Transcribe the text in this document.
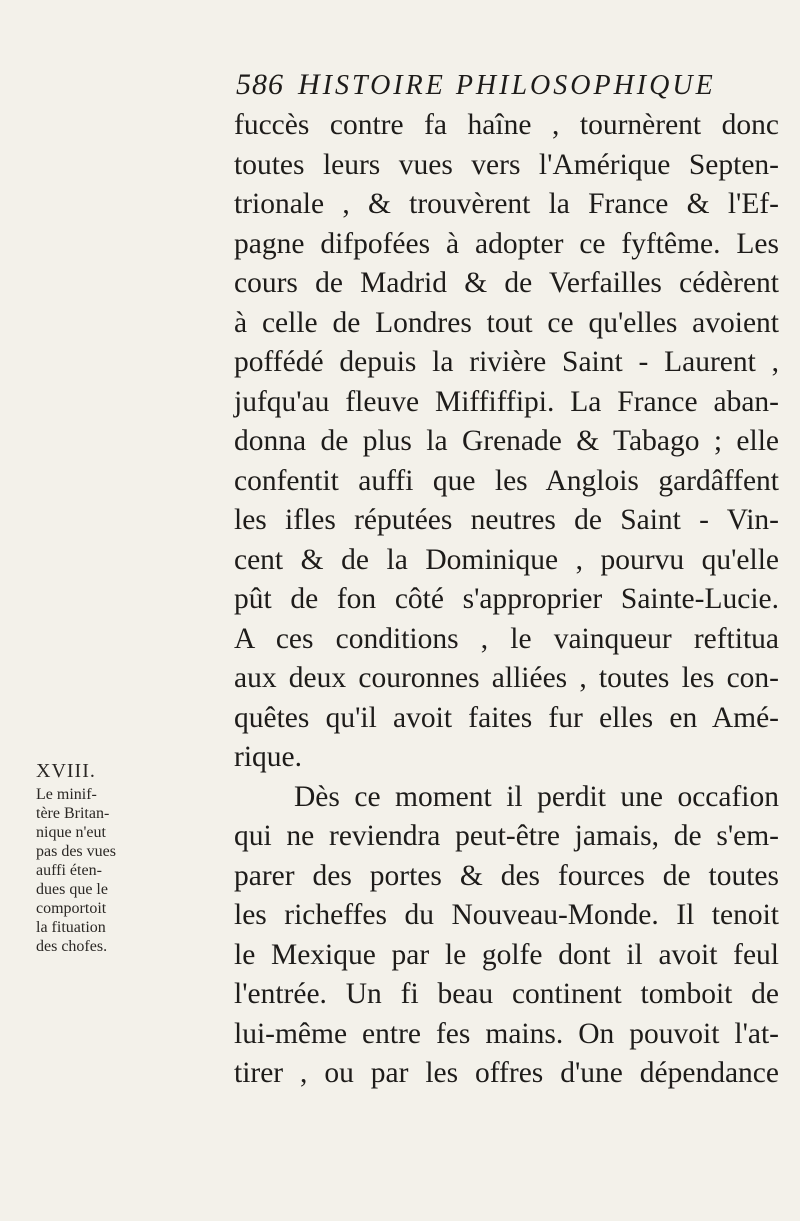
586 HISTOIRE PHILOSOPHIQUE
fuccès contre fa haîne , tournèrent donc
toutes leurs vues vers l'Amérique Septen-
trionale , & trouvèrent la France & l'Ef-
pagne difpofées à adopter ce fyftême. Les
cours de Madrid & de Verfailles cédèrent
à celle de Londres tout ce qu'elles avoient
poffédé depuis la rivière Saint - Laurent ,
jufqu'au fleuve Miffiffipi. La France aban-
donna de plus la Grenade & Tabago ; elle
confentit auffi que les Anglois gardâffent
les ifles réputées neutres de Saint - Vin-
cent & de la Dominique , pourvu qu'elle
pût de fon côté s'approprier Sainte-Lucie.
A ces conditions , le vainqueur reftitua
aux deux couronnes alliées , toutes les con-
quêtes qu'il avoit faites fur elles en Amé-
rique.
Dès ce moment il perdit une occafion
qui ne reviendra peut-être jamais, de s'em-
parer des portes & des fources de toutes
les richeffes du Nouveau-Monde. Il tenoit
le Mexique par le golfe dont il avoit feul
l'entrée. Un fi beau continent tomboit de
lui-même entre fes mains. On pouvoit l'at-
tirer , ou par les offres d'une dépendance
XVIII.
Le minif-
tère Britan-
nique n'eut
pas des vues
auffi éten-
dues que le
comportoit
la fituation
des chofes.
